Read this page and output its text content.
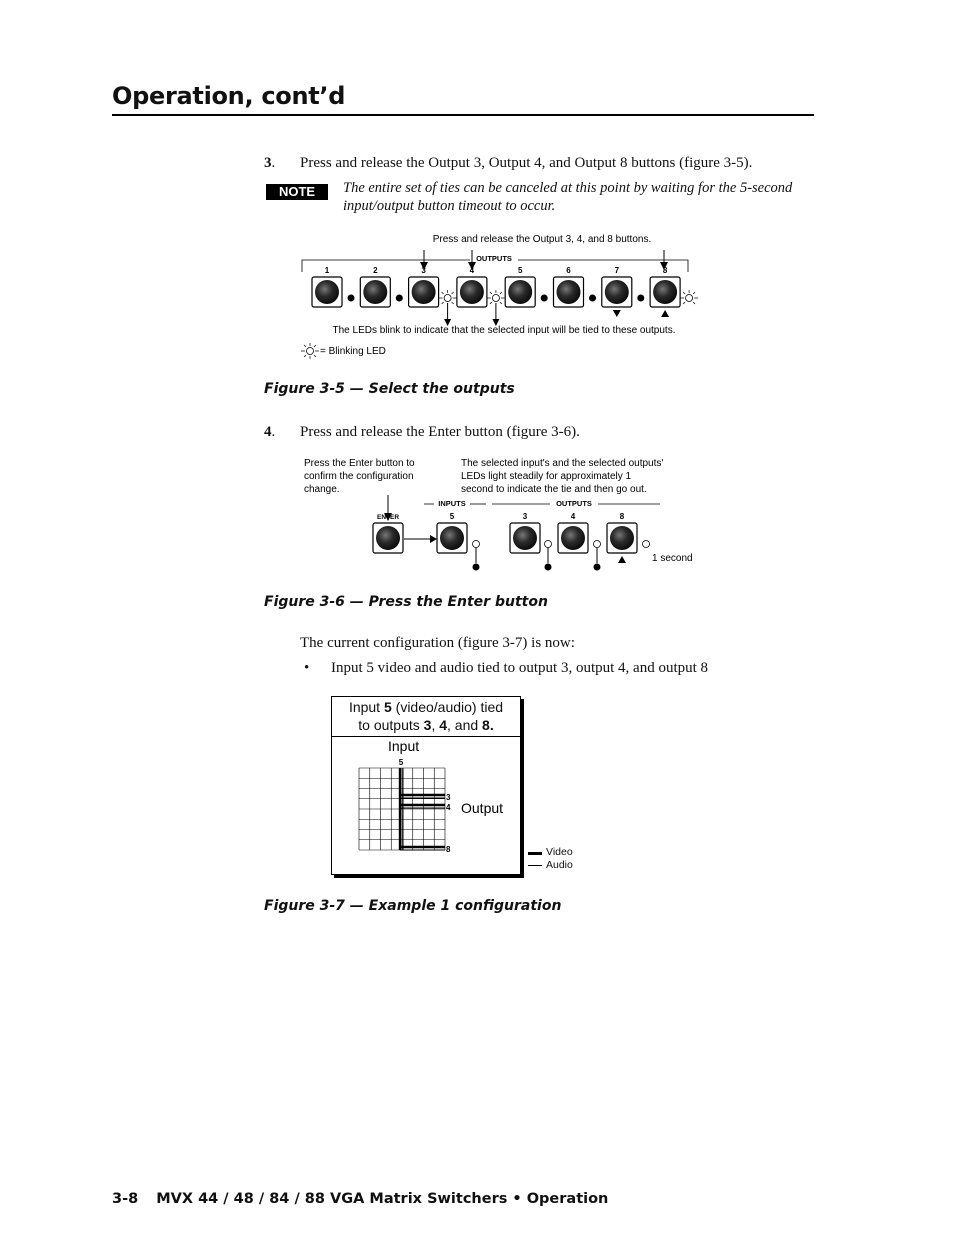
Operation, cont’d
3. Press and release the Output 3, Output 4, and Output 8 buttons (figure 3-5).
NOTE	The entire set of ties can be canceled at this point by waiting for the 5-second input/output button timeout to occur.
Press and release the Output 3, 4, and 8 buttons.
OUTPUTS
1	2	3	4	5	6	7	8
The LEDs blink to indicate that the selected input will be tied to these outputs.
= Blinking LED
Figure 3-5 — Select the outputs
4. Press and release the Enter button (figure 3-6).
Press the Enter button to
confirm the configuration
change.
The selected input's and the selected outputs'
LEDs light steadily for approximately 1
second to indicate the tie and then go out.
INPUTS	OUTPUTS
ENTER	5	3	4	8
1 second
Figure 3-6 — Press the Enter button
The current configuration (figure 3-7) is now:
• Input 5 video and audio tied to output 3, output 4, and output 8
Input 5 (video/audio) tied
to outputs 3, 4, and 8.
Input
Output
5
3
4
8	Video
Audio
Figure 3-7 — Example 1 configuration
3-8 MVX 44 / 48 / 84 / 88 VGA Matrix Switchers • Operation
